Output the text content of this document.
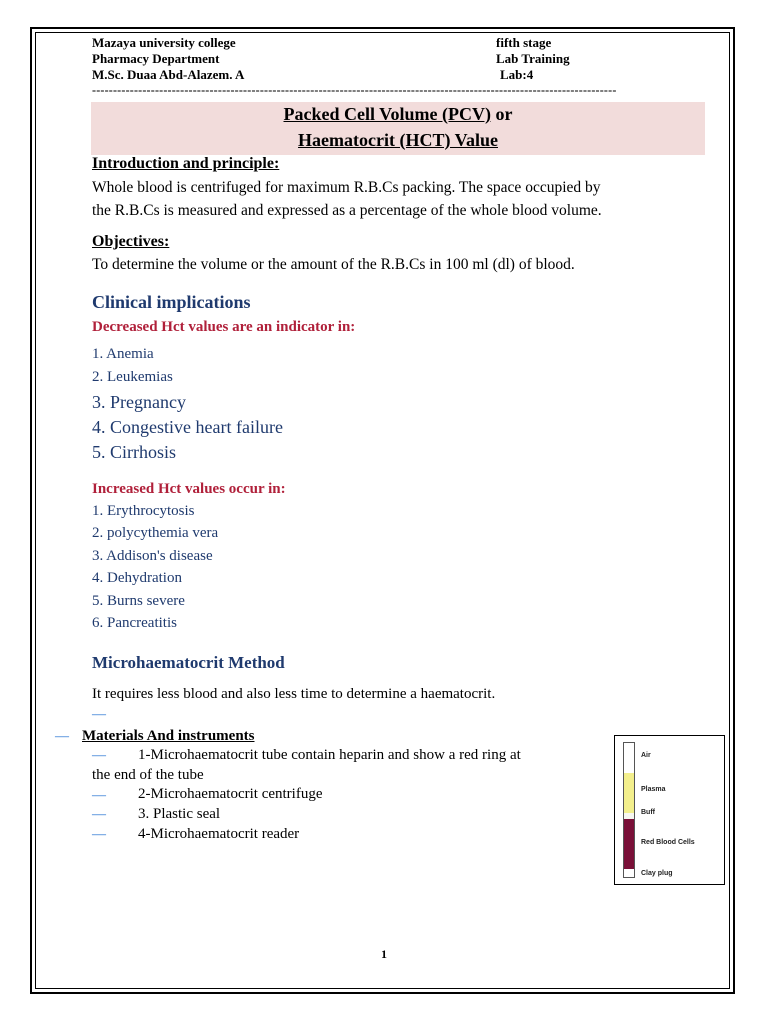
Mazaya university college	fifth stage
Pharmacy Department	Lab Training
M.Sc. Duaa Abd-Alazem. A	Lab:4
-----------------------------------------------------------------------------------------------------------------------------
Packed Cell Volume (PCV) or
Haematocrit (HCT) Value
Introduction and principle:
Whole blood is centrifuged for maximum R.B.Cs packing. The space occupied by
the R.B.Cs is measured and expressed as a percentage of the whole blood volume.
Objectives:
To determine the volume or the amount of the R.B.Cs in 100 ml (dl) of blood.
Clinical implications
Decreased Hct values are an indicator in:
1. Anemia
2. Leukemias
3. Pregnancy
4. Congestive heart failure
5. Cirrhosis
Increased Hct values occur in:
1. Erythrocytosis
2. polycythemia vera
3. Addison's disease
4. Dehydration
5. Burns severe
6. Pancreatitis
Microhaematocrit Method
It requires less blood and also less time to determine a haematocrit.
—
— Materials And instruments
— 1-Microhaematocrit tube contain heparin and show a red ring at
the end of the tube
— 2-Microhaematocrit centrifuge
— 3. Plastic seal
— 4-Microhaematocrit reader
Air
Plasma
Buff
Red Blood Cells
Clay plug
1
